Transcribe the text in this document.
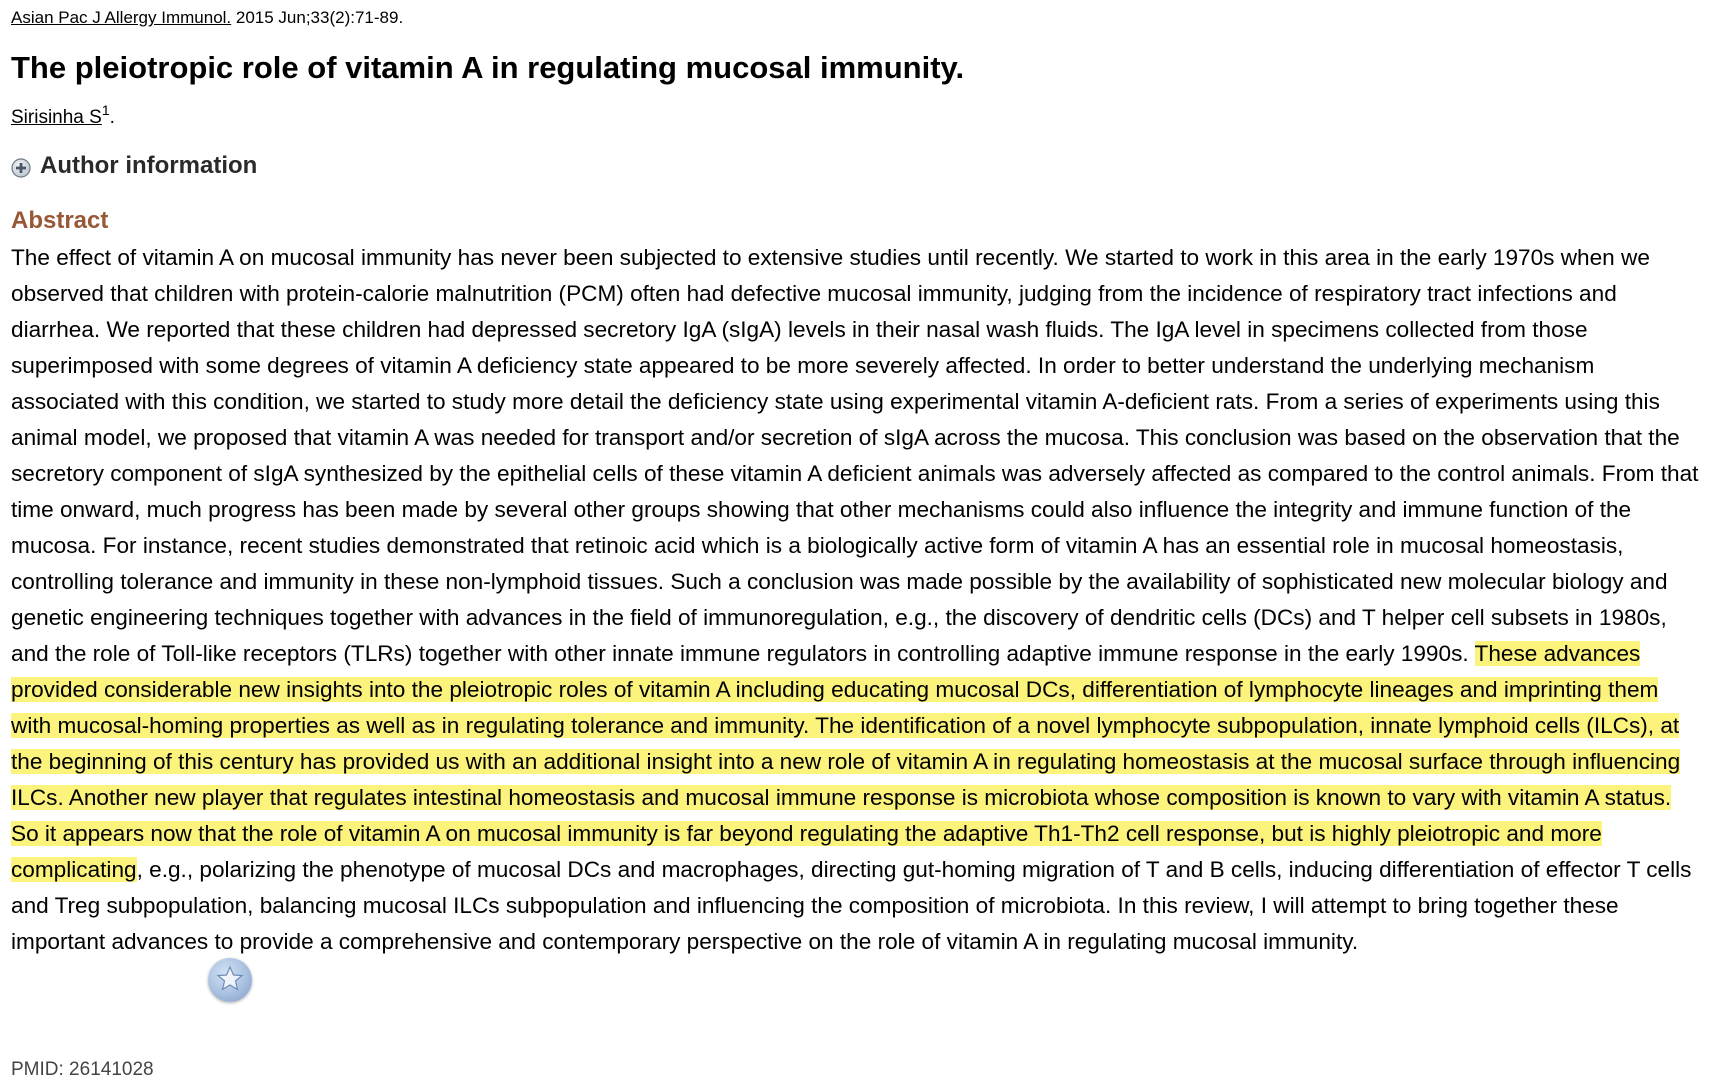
Asian Pac J Allergy Immunol. 2015 Jun;33(2):71-89.
The pleiotropic role of vitamin A in regulating mucosal immunity.
Sirisinha $S^1$.
Author information
Abstract

The effect of vitamin A on mucosal immunity has never been subjected to extensive studies until recently. We started to work in this area in the early 1970s when we observed that children with protein-calorie malnutrition (PCM) often had defective mucosal immunity, judging from the incidence of respiratory tract infections and diarrhea. We reported that these children had depressed secretory IgA (sIgA) levels in their nasal wash fluids. The IgA level in specimens collected from those superimposed with some degrees of vitamin A deficiency state appeared to be more severely affected. In order to better understand the underlying mechanism associated with this condition, we started to study more detail the deficiency state using experimental vitamin A-deficient rats. From a series of experiments using this animal model, we proposed that vitamin A was needed for transport and/or secretion of sIgA across the mucosa. This conclusion was based on the observation that the secretory component of sIgA synthesized by the epithelial cells of these vitamin A deficient animals was adversely affected as compared to the control animals. From that time onward, much progress has been made by several other groups showing that other mechanisms could also influence the integrity and immune function of the mucosa. For instance, recent studies demonstrated that retinoic acid which is a biologically active form of vitamin A has an essential role in mucosal homeostasis, controlling tolerance and immunity in these non-lymphoid tissues. Such a conclusion was made possible by the availability of sophisticated new molecular biology and genetic engineering techniques together with advances in the field of immunoregulation, e.g., the discovery of dendritic cells (DCs) and T helper cell subsets in 1980s, and the role of Toll-like receptors (TLRs) together with other innate immune regulators in controlling adaptive immune response in the early 1990s. These advances provided considerable new insights into the pleiotropic roles of vitamin A including educating mucosal DCs, differentiation of lymphocyte lineages and imprinting them with mucosal-homing properties as well as in regulating tolerance and immunity. The identification of a novel lymphocyte subpopulation, innate lymphoid cells (ILCs), at the beginning of this century has provided us with an additional insight into a new role of vitamin A in regulating homeostasis at the mucosal surface through influencing ILCs. Another new player that regulates intestinal homeostasis and mucosal immune response is microbiota whose composition is known to vary with vitamin A status. So it appears now that the role of vitamin A on mucosal immunity is far beyond regulating the adaptive Th1-Th2 cell response, but is highly pleiotropic and more complicating, e.g., polarizing the phenotype of mucosal DCs and macrophages, directing gut-homing migration of T and B cells, inducing differentiation of effector T cells and Treg subpopulation, balancing mucosal ILCs subpopulation and influencing the composition of microbiota. In this review, I will attempt to bring together these important advances to provide a comprehensive and contemporary perspective on the role of vitamin A in regulating mucosal immunity.

PMID: 26141028
